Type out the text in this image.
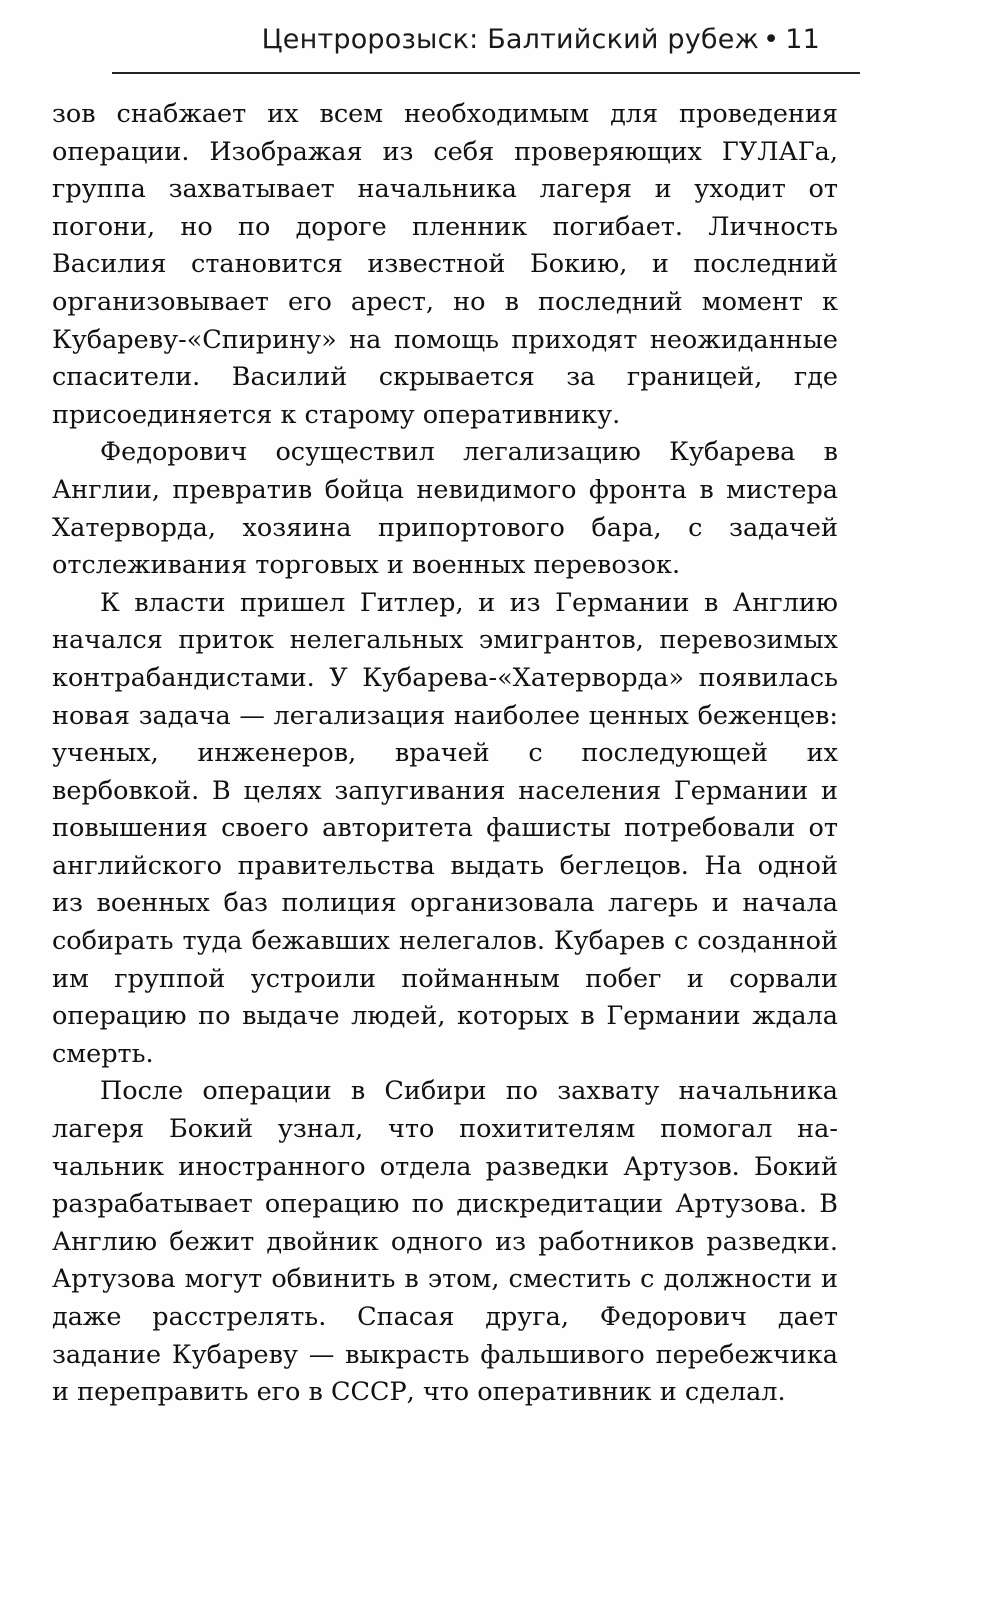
Центророзыск: Балтийский рубеж • 11

зов снабжает их всем необходимым для проведения операции. Изображая из себя проверяющих ГУЛАГа, группа захватывает начальника лагеря и уходит от погони, но по дороге пленник погибает. Личность Василия становится известной Бокию, и последний организовывает его арест, но в последний момент к Кубареву-«Спирину» на помощь приходят неожиданные спасители. Василий скрывается за границей, где присоединяется к старому оперативнику.

Федорович осуществил легализацию Кубарева в Англии, превратив бойца невидимого фронта в мистера Хатерворда, хозяина припортового бара, с задачей отслеживания торговых и военных перевозок.

К власти пришел Гитлер, и из Германии в Англию начался приток нелегальных эмигрантов, перевозимых контрабандистами. У Кубарева-«Хатерворда» появилась новая задача — легализация наиболее ценных беженцев: ученых, инженеров, врачей с последующей их вербовкой. В целях запугивания населения Германии и повышения своего авторитета фашисты потребовали от английского правительства выдать беглецов. На одной из военных баз полиция организовала лагерь и начала собирать туда бежавших нелегалов. Кубарев с созданной им группой устроили пойманным побег и сорвали операцию по выдаче людей, которых в Германии ждала смерть.

После операции в Сибири по захвату начальника лагеря Бокий узнал, что похитителям помогал начальник иностранного отдела разведки Артузов. Бокий разрабатывает операцию по дискредитации Артузова. В Англию бежит двойник одного из работников разведки. Артузова могут обвинить в этом, сместить с должности и даже расстрелять. Спасая друга, Федорович дает задание Кубареву — выкрасть фальшивого перебежчика и переправить его в СССР, что оперативник и сделал.
